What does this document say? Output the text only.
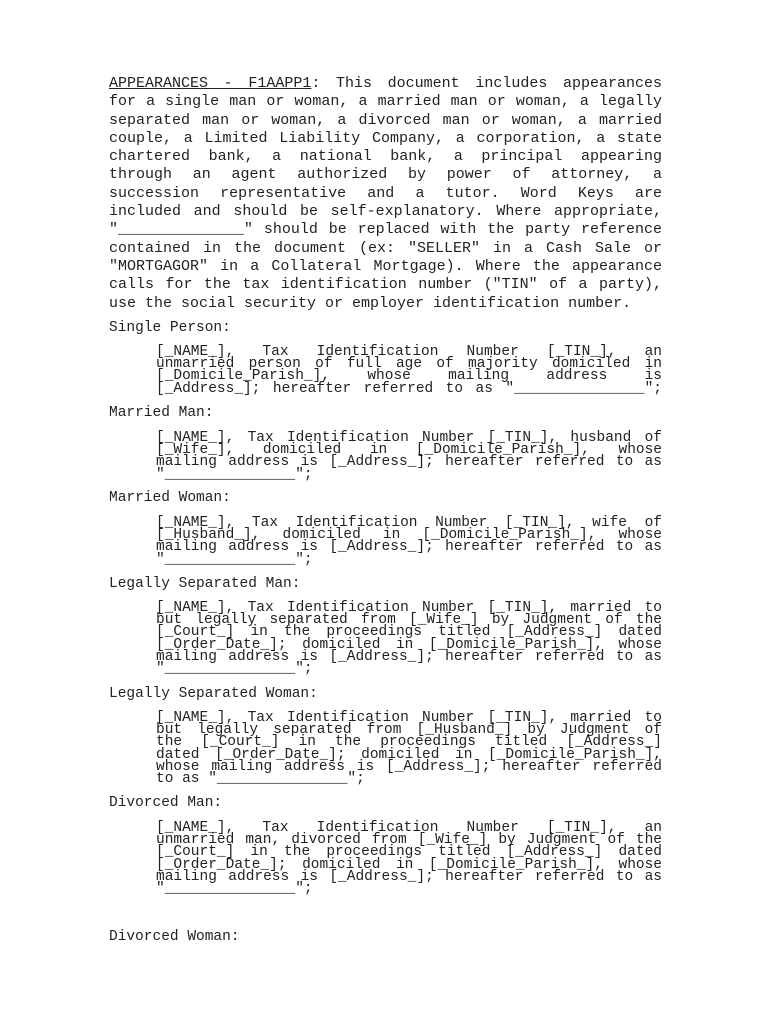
APPEARANCES - F1AAPP1: This document includes appearances
for a single man or woman, a married man or woman, a legally
separated man or woman, a divorced man or woman, a married
couple, a Limited Liability Company, a corporation, a state
chartered bank, a national bank, a principal appearing
through an agent authorized by power of attorney, a
succession representative and a tutor. Word Keys are
included and should be self-explanatory. Where appropriate,
"______________" should be replaced with the party reference
contained in the document (ex: "SELLER" in a Cash Sale or
"MORTGAGOR" in a Collateral Mortgage). Where the appearance
calls for the tax identification number ("TIN" of a party),
use the social security or employer identification number.
Single Person:
[_NAME_], Tax Identification Number [_TIN_], an
unmarried person of full age of majority domiciled in
[_Domicile_Parish_], whose mailing address is
[_Address_]; hereafter referred to as "_______________";
Married Man:
[_NAME_], Tax Identification Number [_TIN_], husband of
[_Wife_], domiciled in [_Domicile_Parish_], whose
mailing address is [_Address_]; hereafter referred to as
"_______________";
Married Woman:
[_NAME_], Tax Identification Number [_TIN_], wife of
[_Husband_], domiciled in [_Domicile_Parish_], whose
mailing address is [_Address_]; hereafter referred to as
"_______________";
Legally Separated Man:
[_NAME_], Tax Identification Number [_TIN_], married to
but legally separated from [_Wife_] by Judgment of the
[_Court_] in the proceedings titled [_Address_] dated
[_Order_Date_]; domiciled in [_Domicile_Parish_], whose
mailing address is [_Address_]; hereafter referred to as
"_______________";
Legally Separated Woman:
[_NAME_], Tax Identification Number [_TIN_], married to
but legally separated from [_Husband_] by Judgment of
the [_Court_] in the proceedings titled [_Address_]
dated [_Order_Date_]; domiciled in [_Domicile_Parish_],
whose mailing address is [_Address_]; hereafter referred
to as "_______________";
Divorced Man:
[_NAME_], Tax Identification Number [_TIN_], an
unmarried man, divorced from [_Wife_] by Judgment of the
[_Court_] in the proceedings titled [_Address_] dated
[_Order_Date_]; domiciled in [_Domicile_Parish_], whose
mailing address is [_Address_]; hereafter referred to as
"_______________";
Divorced Woman:
